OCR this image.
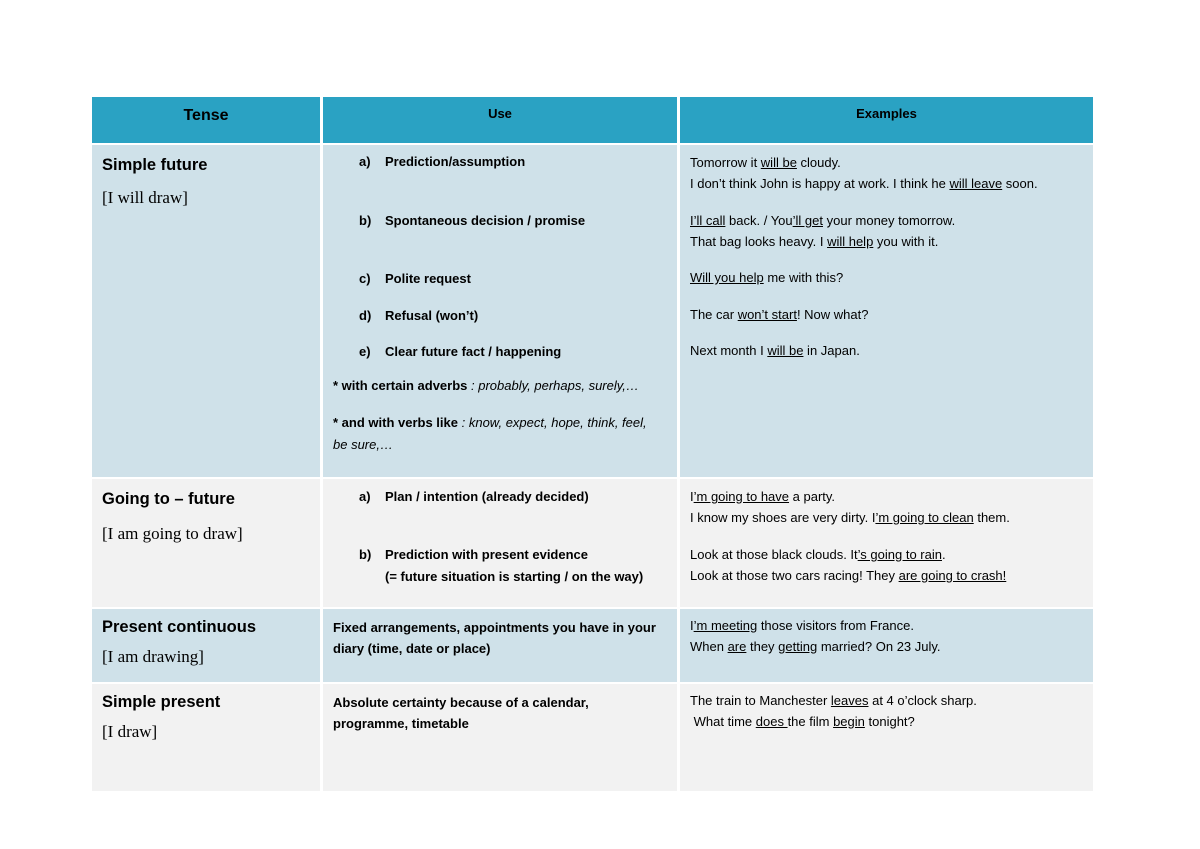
Tense	Use	Examples
Simple future
[I will draw]
a) Prediction/assumption
b) Spontaneous decision / promise
c) Polite request
d) Refusal (won’t)
e) Clear future fact / happening
* with certain adverbs : probably, perhaps, surely,…
* and with verbs like : know, expect, hope, think, feel, be sure,…
Tomorrow it will be cloudy.
I don’t think John is happy at work. I think he will leave soon.
I’ll call back. / You’ll get your money tomorrow.
That bag looks heavy. I will help you with it.
Will you help me with this?
The car won’t start! Now what?
Next month I will be in Japan.
Going to – future
[I am going to draw]
a) Plan / intention (already decided)
b) Prediction with present evidence
(= future situation is starting / on the way)
I’m going to have a party.
I know my shoes are very dirty. I’m going to clean them.
Look at those black clouds. It’s going to rain.
Look at those two cars racing! They are going to crash!
Present continuous
[I am drawing]
Fixed arrangements, appointments you have in your diary (time, date or place)
I’m meeting those visitors from France.
When are they getting married? On 23 July.
Simple present
[I draw]
Absolute certainty because of a calendar, programme, timetable
The train to Manchester leaves at 4 o’clock sharp.
What time does the film begin tonight?
